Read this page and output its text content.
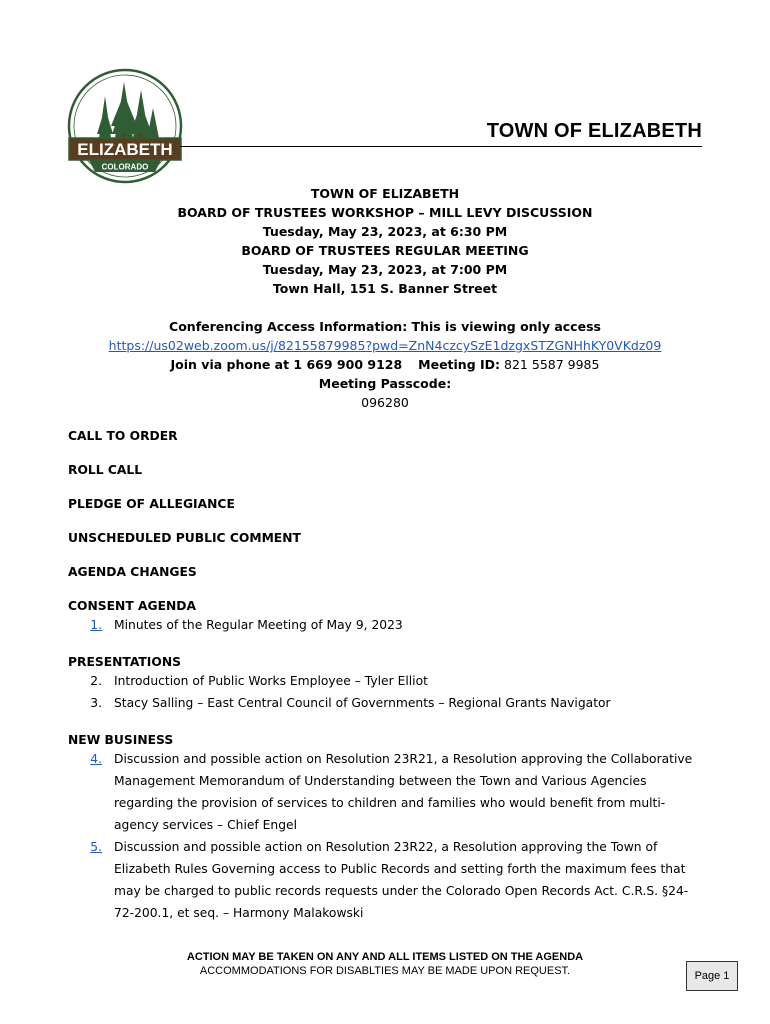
ELIZABETH
COLORADO
TOWN OF ELIZABETH
TOWN OF ELIZABETH
BOARD OF TRUSTEES WORKSHOP – MILL LEVY DISCUSSION
Tuesday, May 23, 2023, at 6:30 PM
BOARD OF TRUSTEES REGULAR MEETING
Tuesday, May 23, 2023, at 7:00 PM
Town Hall, 151 S. Banner Street
Conferencing Access Information: This is viewing only access
https://us02web.zoom.us/j/82155879985?pwd=ZnN4czcySzE1dzgxSTZGNHhKY0VKdz09
Join via phone at 1 669 900 9128 Meeting ID: 821 5587 9985
Meeting Passcode:
096280
CALL TO ORDER
ROLL CALL
PLEDGE OF ALLEGIANCE
UNSCHEDULED PUBLIC COMMENT
AGENDA CHANGES
CONSENT AGENDA
1. Minutes of the Regular Meeting of May 9, 2023
PRESENTATIONS
2. Introduction of Public Works Employee – Tyler Elliot
3. Stacy Salling – East Central Council of Governments – Regional Grants Navigator
NEW BUSINESS
4. Discussion and possible action on Resolution 23R21, a Resolution approving the Collaborative Management Memorandum of Understanding between the Town and Various Agencies regarding the provision of services to children and families who would benefit from multi-agency services – Chief Engel
5. Discussion and possible action on Resolution 23R22, a Resolution approving the Town of Elizabeth Rules Governing access to Public Records and setting forth the maximum fees that may be charged to public records requests under the Colorado Open Records Act. C.R.S. §24-72-200.1, et seq. – Harmony Malakowski
ACTION MAY BE TAKEN ON ANY AND ALL ITEMS LISTED ON THE AGENDA
ACCOMMODATIONS FOR DISABLTIES MAY BE MADE UPON REQUEST.	Page 1
